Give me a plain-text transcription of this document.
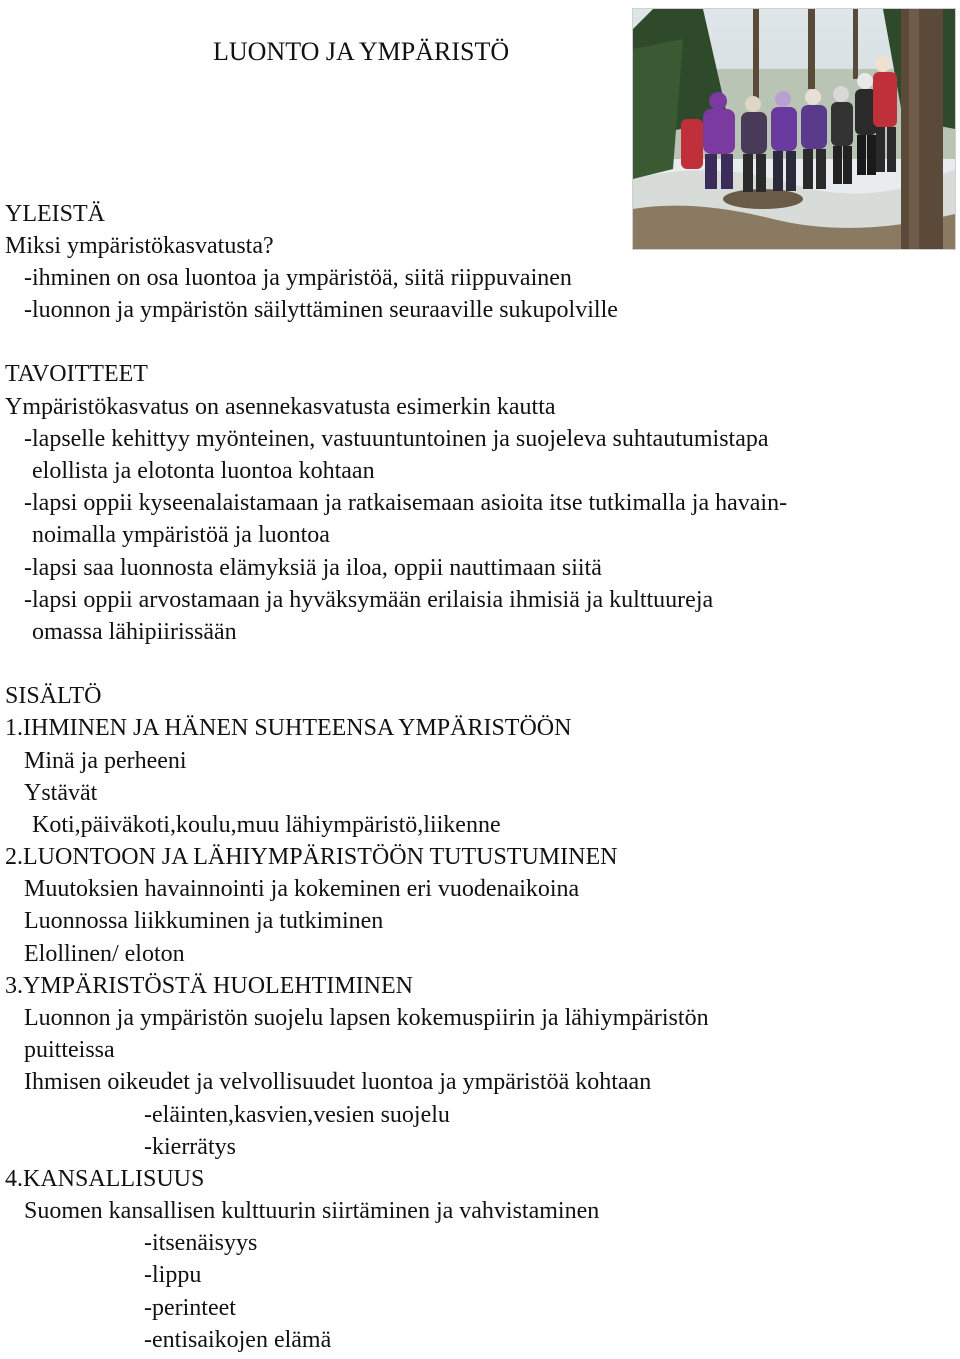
LUONTO JA YMPÄRISTÖ
YLEISTÄ
Miksi ympäristökasvatusta?
-ihminen on osa luontoa ja ympäristöä, siitä riippuvainen
-luonnon ja ympäristön säilyttäminen seuraaville sukupolville
TAVOITTEET
Ympäristökasvatus on asennekasvatusta esimerkin kautta
-lapselle kehittyy myönteinen, vastuuntuntoinen ja suojeleva suhtautumistapa
elollista ja elotonta luontoa kohtaan
-lapsi oppii kyseenalaistamaan ja ratkaisemaan asioita itse tutkimalla ja havain-
noimalla ympäristöä ja luontoa
-lapsi saa luonnosta elämyksiä ja iloa, oppii nauttimaan siitä
-lapsi oppii arvostamaan ja hyväksymään erilaisia ihmisiä ja kulttuureja
omassa lähipiirissään
SISÄLTÖ
1.IHMINEN JA HÄNEN SUHTEENSA YMPÄRISTÖÖN
Minä ja perheeni
Ystävät
Koti,päiväkoti,koulu,muu lähiympäristö,liikenne
2.LUONTOON JA LÄHIYMPÄRISTÖÖN TUTUSTUMINEN
Muutoksien havainnointi ja kokeminen eri vuodenaikoina
Luonnossa liikkuminen ja tutkiminen
Elollinen/ eloton
3.YMPÄRISTÖSTÄ HUOLEHTIMINEN
Luonnon ja ympäristön suojelu lapsen kokemuspiirin ja lähiympäristön
puitteissa
Ihmisen oikeudet ja velvollisuudet luontoa ja ympäristöä kohtaan
-eläinten,kasvien,vesien suojelu
-kierrätys
4.KANSALLISUUS
Suomen kansallisen kulttuurin siirtäminen ja vahvistaminen
-itsenäisyys
-lippu
-perinteet
-entisaikojen elämä
